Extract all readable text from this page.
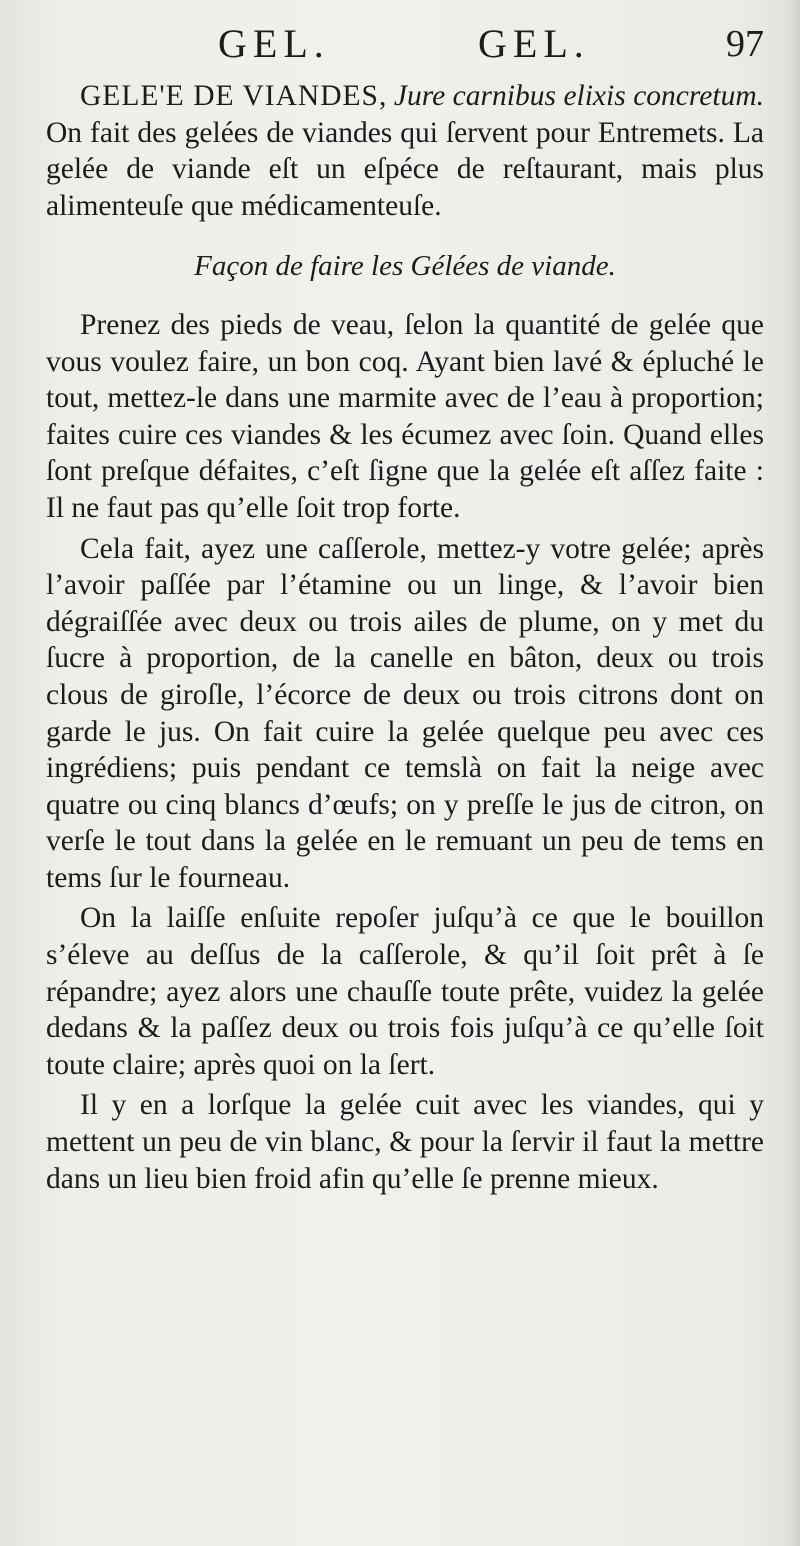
GEL.	GEL.	97

GELE'E DE VIANDES, Jure carnibus elixis concretum. On fait des gelées de viandes qui ſervent pour Entremets. La gelée de viande eſt un eſpéce de reſtaurant, mais plus alimenteuſe que médicamenteuſe.

Façon de faire les Gélées de viande.

Prenez des pieds de veau, ſelon la quantité de gelée que vous voulez faire, un bon coq. Ayant bien lavé & épluché le tout, mettez-le dans une marmite avec de l’eau à proportion; faites cuire ces viandes & les écumez avec ſoin. Quand elles ſont preſque défaites, c’eſt ſigne que la gelée eſt aſſez faite : Il ne faut pas qu’elle ſoit trop forte.

Cela fait, ayez une caſſerole, mettez-y votre gelée; après l’avoir paſſée par l’étamine ou un linge, & l’avoir bien dégraiſſée avec deux ou trois ailes de plume, on y met du ſucre à proportion, de la canelle en bâton, deux ou trois clous de giroſle, l’écorce de deux ou trois citrons dont on garde le jus. On fait cuire la gelée quelque peu avec ces ingrédiens; puis pendant ce temslà on fait la neige avec quatre ou cinq blancs d’œufs; on y preſſe le jus de citron, on verſe le tout dans la gelée en le remuant un peu de tems en tems ſur le fourneau.

On la laiſſe enſuite repoſer juſqu’à ce que le bouillon s’éleve au deſſus de la caſſerole, & qu’il ſoit prêt à ſe répandre; ayez alors une chauſſe toute prête, vuidez la gelée dedans & la paſſez deux ou trois fois juſqu’à ce qu’elle ſoit toute claire; après quoi on la ſert.

Il y en a lorſque la gelée cuit avec les viandes, qui y mettent un peu de vin blanc, & pour la ſervir il faut la mettre dans un lieu bien froid afin qu’elle ſe prenne mieux.
